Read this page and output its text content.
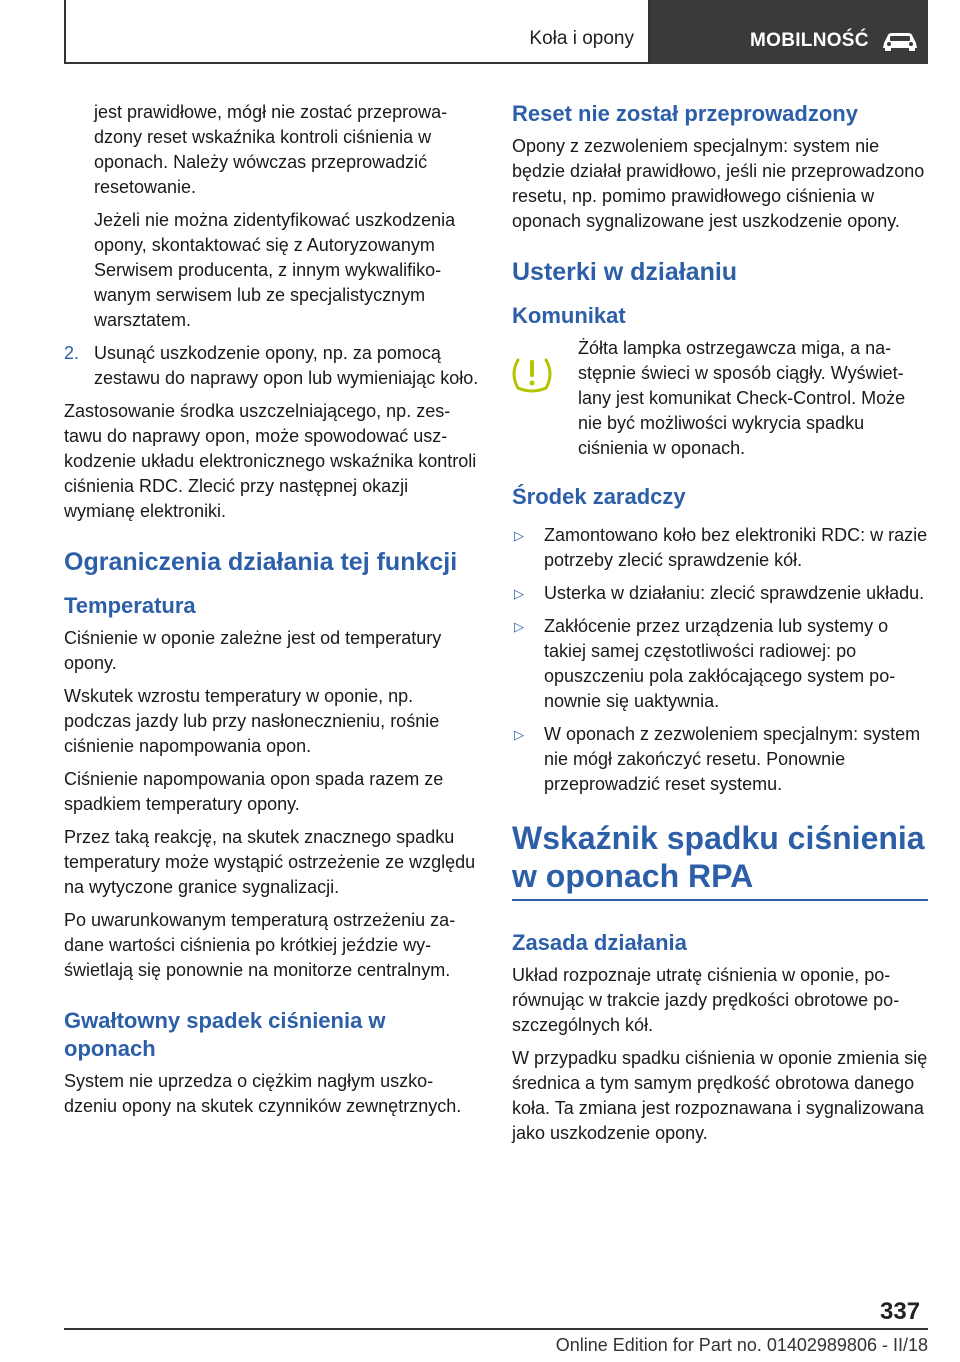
Koła i opony	MOBILNOŚĆ

jest prawidłowe, mógł nie zostać przeprowadzony reset wskaźnika kontroli ciśnienia w oponach. Należy wówczas przeprowadzić resetowanie.

Jeżeli nie można zidentyfikować uszkodzenia opony, skontaktować się z Autoryzowanym Serwisem producenta, z innym wykwalifikowanym serwisem lub ze specjalistycznym warsztatem.

2. Usunąć uszkodzenie opony, np. za pomocą zestawu do naprawy opon lub wymieniając koło.

Zastosowanie środka uszczelniającego, np. zestawu do naprawy opon, może spowodować uszkodzenie układu elektronicznego wskaźnika kontroli ciśnienia RDC. Zlecić przy następnej okazji wymianę elektroniki.

Ograniczenia działania tej funkcji
Temperatura

Ciśnienie w oponie zależne jest od temperatury opony.

Wskutek wzrostu temperatury w oponie, np. podczas jazdy lub przy nasłonecznieniu, rośnie ciśnienie napompowania opon.

Ciśnienie napompowania opon spada razem ze spadkiem temperatury opony.

Przez taką reakcję, na skutek znacznego spadku temperatury może wystąpić ostrzeżenie ze względu na wytyczone granice sygnalizacji.

Po uwarunkowanym temperaturą ostrzeżeniu zadane wartości ciśnienia po krótkiej jeździe wyświetlają się ponownie na monitorze centralnym.

Gwałtowny spadek ciśnienia w oponach

System nie uprzedza o ciężkim nagłym uszkodzeniu opony na skutek czynników zewnętrznych.

Reset nie został przeprowadzony

Opony z zezwoleniem specjalnym: system nie będzie działał prawidłowo, jeśli nie przeprowadzono resetu, np. pomimo prawidłowego ciśnienia w oponach sygnalizowane jest uszkodzenie opony.

Usterki w działaniu
Komunikat

Żółta lampka ostrzegawcza miga, a następnie świeci w sposób ciągły. Wyświetlany jest komunikat Check-Control. Może nie być możliwości wykrycia spadku ciśnienia w oponach.

Środek zaradczy
▷	Zamontowano koło bez elektroniki RDC: w razie potrzeby zlecić sprawdzenie kół.
▷	Usterka w działaniu: zlecić sprawdzenie układu.
▷	Zakłócenie przez urządzenia lub systemy o takiej samej częstotliwości radiowej: po opuszczeniu pola zakłócającego system ponownie się uaktywnia.
▷	W oponach z zezwoleniem specjalnym: system nie mógł zakończyć resetu. Ponownie przeprowadzić reset systemu.
Wskaźnik spadku ciśnienia w oponach RPA
Zasada działania

Układ rozpoznaje utratę ciśnienia w oponie, porównując w trakcie jazdy prędkości obrotowe poszczególnych kół.

W przypadku spadku ciśnienia w oponie zmienia się średnica a tym samym prędkość obrotowa danego koła. Ta zmiana jest rozpoznawana i sygnalizowana jako uszkodzenie opony.

337
Online Edition for Part no. 01402989806 - II/18
